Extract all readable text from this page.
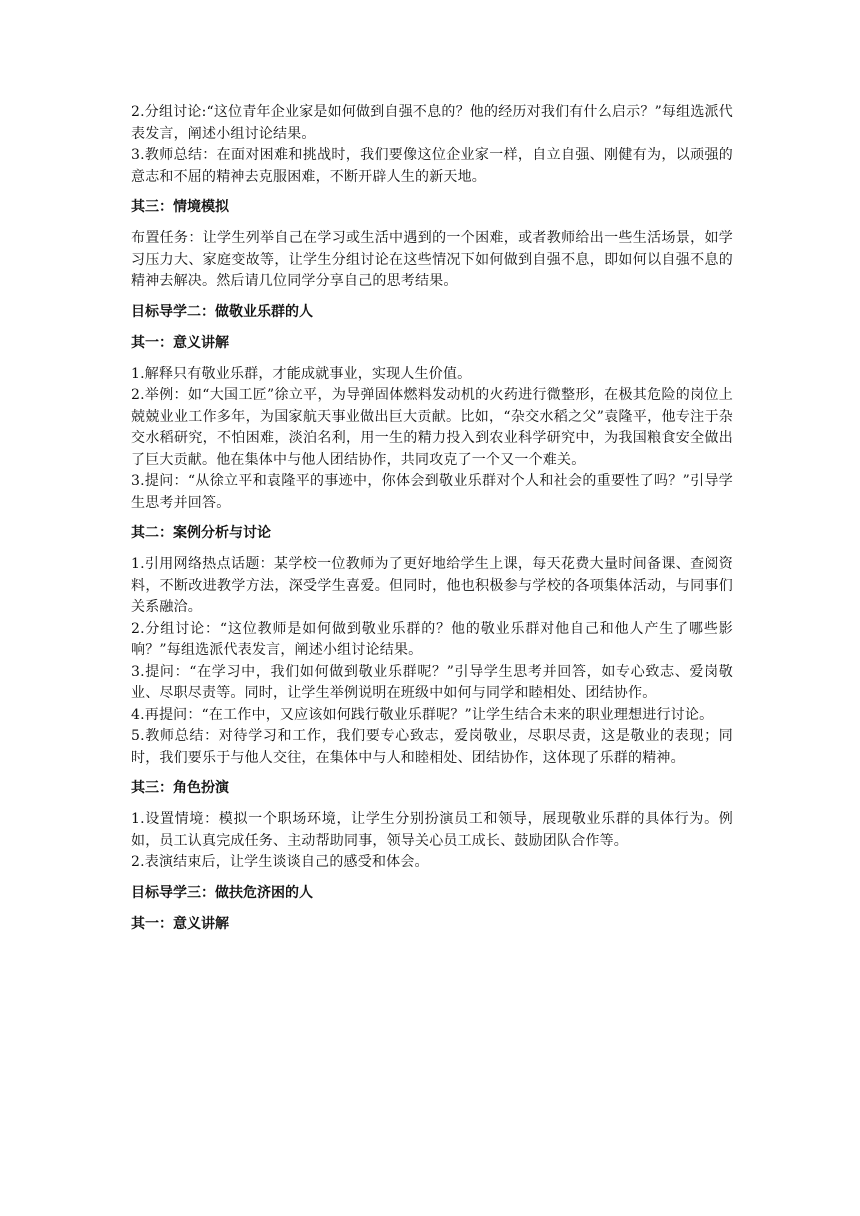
2.分组讨论:“这位青年企业家是如何做到自强不息的？他的经历对我们有什么启示？”每组选派代表发言，阐述小组讨论结果。

3.教师总结：在面对困难和挑战时，我们要像这位企业家一样，自立自强、刚健有为，以顽强的意志和不屈的精神去克服困难，不断开辟人生的新天地。

其三：情境模拟

布置任务：让学生列举自己在学习或生活中遇到的一个困难，或者教师给出一些生活场景，如学习压力大、家庭变故等，让学生分组讨论在这些情况下如何做到自强不息，即如何以自强不息的精神去解决。然后请几位同学分享自己的思考结果。

目标导学二：做敬业乐群的人
其一：意义讲解

1.解释只有敬业乐群，才能成就事业，实现人生价值。

2.举例：如“大国工匠”徐立平，为导弹固体燃料发动机的火药进行微整形，在极其危险的岗位上兢兢业业工作多年，为国家航天事业做出巨大贡献。比如，“杂交水稻之父”袁隆平，他专注于杂交水稻研究，不怕困难，淡泊名利，用一生的精力投入到农业科学研究中，为我国粮食安全做出了巨大贡献。他在集体中与他人团结协作，共同攻克了一个又一个难关。

3.提问：“从徐立平和袁隆平的事迹中，你体会到敬业乐群对个人和社会的重要性了吗？”引导学生思考并回答。

其二：案例分析与讨论

1.引用网络热点话题：某学校一位教师为了更好地给学生上课，每天花费大量时间备课、查阅资料，不断改进教学方法，深受学生喜爱。但同时，他也积极参与学校的各项集体活动，与同事们关系融洽。

2.分组讨论：“这位教师是如何做到敬业乐群的？他的敬业乐群对他自己和他人产生了哪些影响？”每组选派代表发言，阐述小组讨论结果。

3.提问：“在学习中，我们如何做到敬业乐群呢？”引导学生思考并回答，如专心致志、爱岗敬业、尽职尽责等。同时，让学生举例说明在班级中如何与同学和睦相处、团结协作。

4.再提问：“在工作中，又应该如何践行敬业乐群呢？”让学生结合未来的职业理想进行讨论。

5.教师总结：对待学习和工作，我们要专心致志，爱岗敬业，尽职尽责，这是敬业的表现；同时，我们要乐于与他人交往，在集体中与人和睦相处、团结协作，这体现了乐群的精神。

其三：角色扮演

1.设置情境：模拟一个职场环境，让学生分别扮演员工和领导，展现敬业乐群的具体行为。例如，员工认真完成任务、主动帮助同事，领导关心员工成长、鼓励团队合作等。

2.表演结束后，让学生谈谈自己的感受和体会。

目标导学三：做扶危济困的人
其一：意义讲解
